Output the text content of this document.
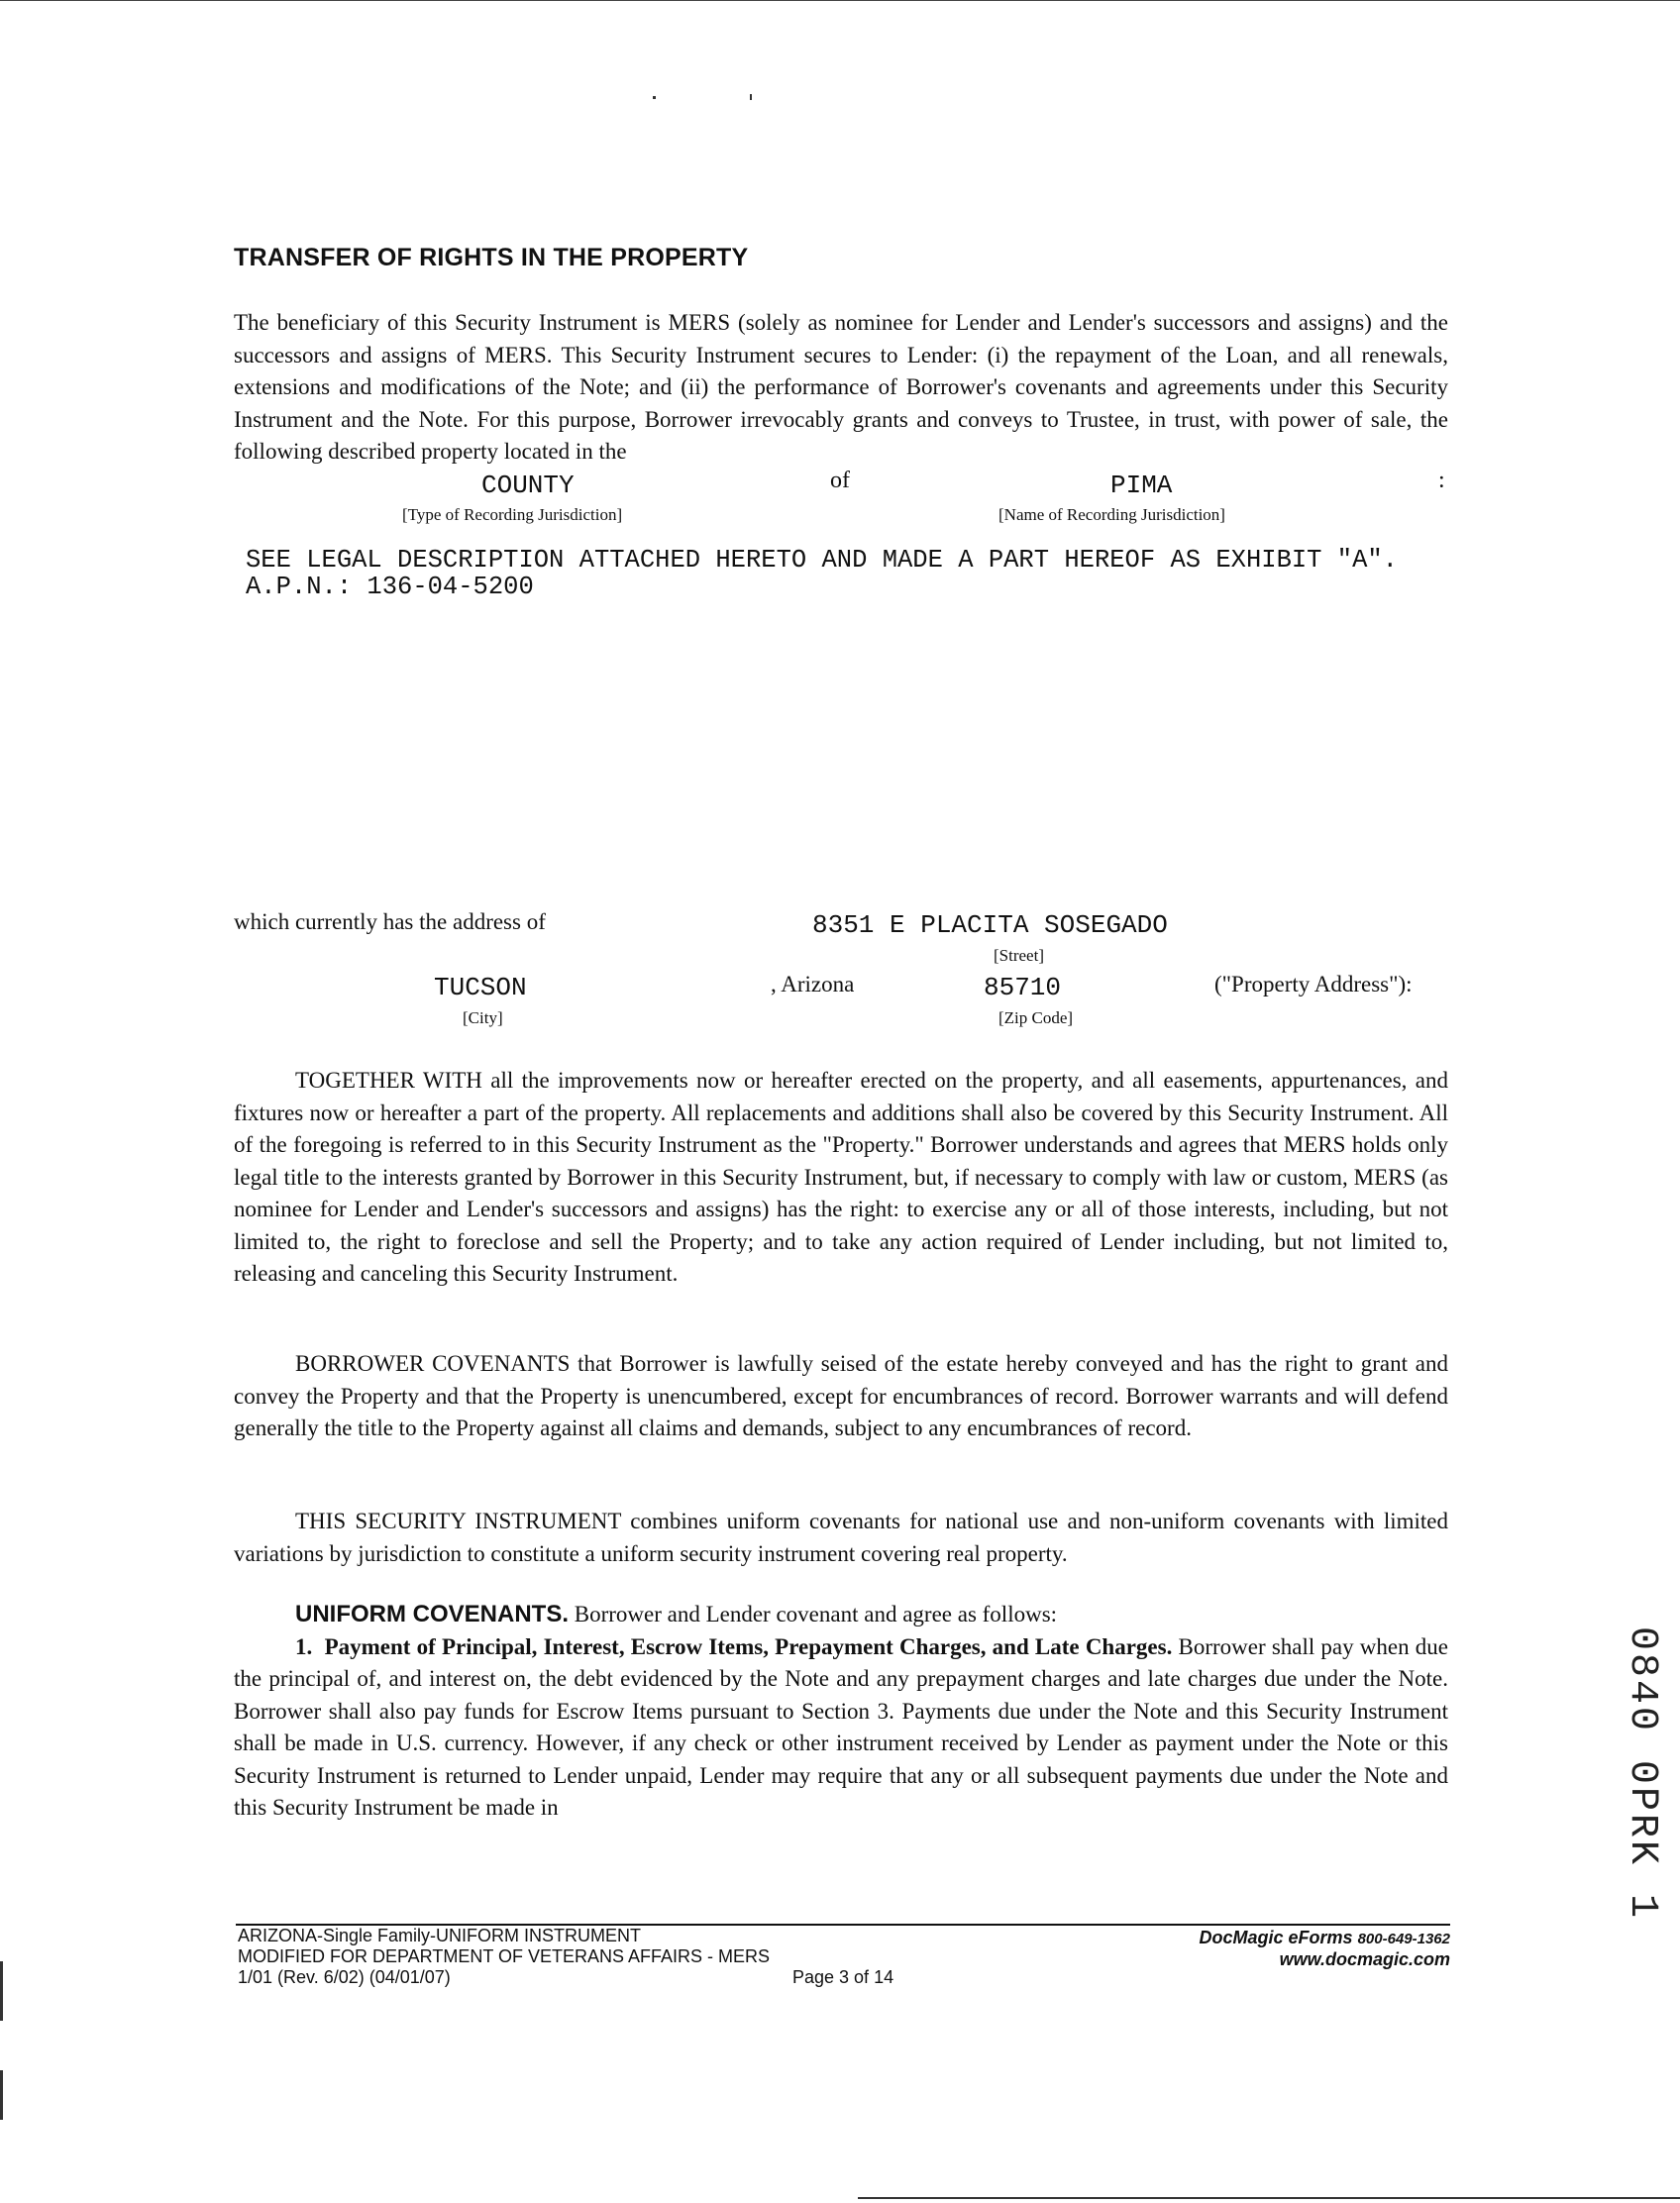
TRANSFER OF RIGHTS IN THE PROPERTY
The beneficiary of this Security Instrument is MERS (solely as nominee for Lender and Lender's successors and assigns) and the successors and assigns of MERS. This Security Instrument secures to Lender: (i) the repayment of the Loan, and all renewals, extensions and modifications of the Note; and (ii) the performance of Borrower's covenants and agreements under this Security Instrument and the Note. For this purpose, Borrower irrevocably grants and conveys to Trustee, in trust, with power of sale, the following described property located in the
COUNTY	of	PIMA	:
[Type of Recording Jurisdiction]	[Name of Recording Jurisdiction]
SEE LEGAL DESCRIPTION ATTACHED HERETO AND MADE A PART HEREOF AS EXHIBIT "A".
A.P.N.: 136-04-5200
which currently has the address of	8351 E PLACITA SOSEGADO
[Street]
TUCSON
[City]
, Arizona	85710
[Zip Code]
("Property Address"):
TOGETHER WITH all the improvements now or hereafter erected on the property, and all easements, appurtenances, and fixtures now or hereafter a part of the property. All replacements and additions shall also be covered by this Security Instrument. All of the foregoing is referred to in this Security Instrument as the "Property." Borrower understands and agrees that MERS holds only legal title to the interests granted by Borrower in this Security Instrument, but, if necessary to comply with law or custom, MERS (as nominee for Lender and Lender's successors and assigns) has the right: to exercise any or all of those interests, including, but not limited to, the right to foreclose and sell the Property; and to take any action required of Lender including, but not limited to, releasing and canceling this Security Instrument.
BORROWER COVENANTS that Borrower is lawfully seised of the estate hereby conveyed and has the right to grant and convey the Property and that the Property is unencumbered, except for encumbrances of record. Borrower warrants and will defend generally the title to the Property against all claims and demands, subject to any encumbrances of record.
THIS SECURITY INSTRUMENT combines uniform covenants for national use and non-uniform covenants with limited variations by jurisdiction to constitute a uniform security instrument covering real property.
UNIFORM COVENANTS. Borrower and Lender covenant and agree as follows:
1. Payment of Principal, Interest, Escrow Items, Prepayment Charges, and Late Charges. Borrower shall pay when due the principal of, and interest on, the debt evidenced by the Note and any prepayment charges and late charges due under the Note. Borrower shall also pay funds for Escrow Items pursuant to Section 3. Payments due under the Note and this Security Instrument shall be made in U.S. currency. However, if any check or other instrument received by Lender as payment under the Note or this Security Instrument is returned to Lender unpaid, Lender may require that any or all subsequent payments due under the Note and this Security Instrument be made in	0840 0PRK 1
ARIZONA-Single Family-UNIFORM INSTRUMENT
MODIFIED FOR DEPARTMENT OF VETERANS AFFAIRS - MERS
1/01 (Rev. 6/02) (04/01/07)	Page 3 of 14
DocMagic eForms 800-649-1362
www.docmagic.com
